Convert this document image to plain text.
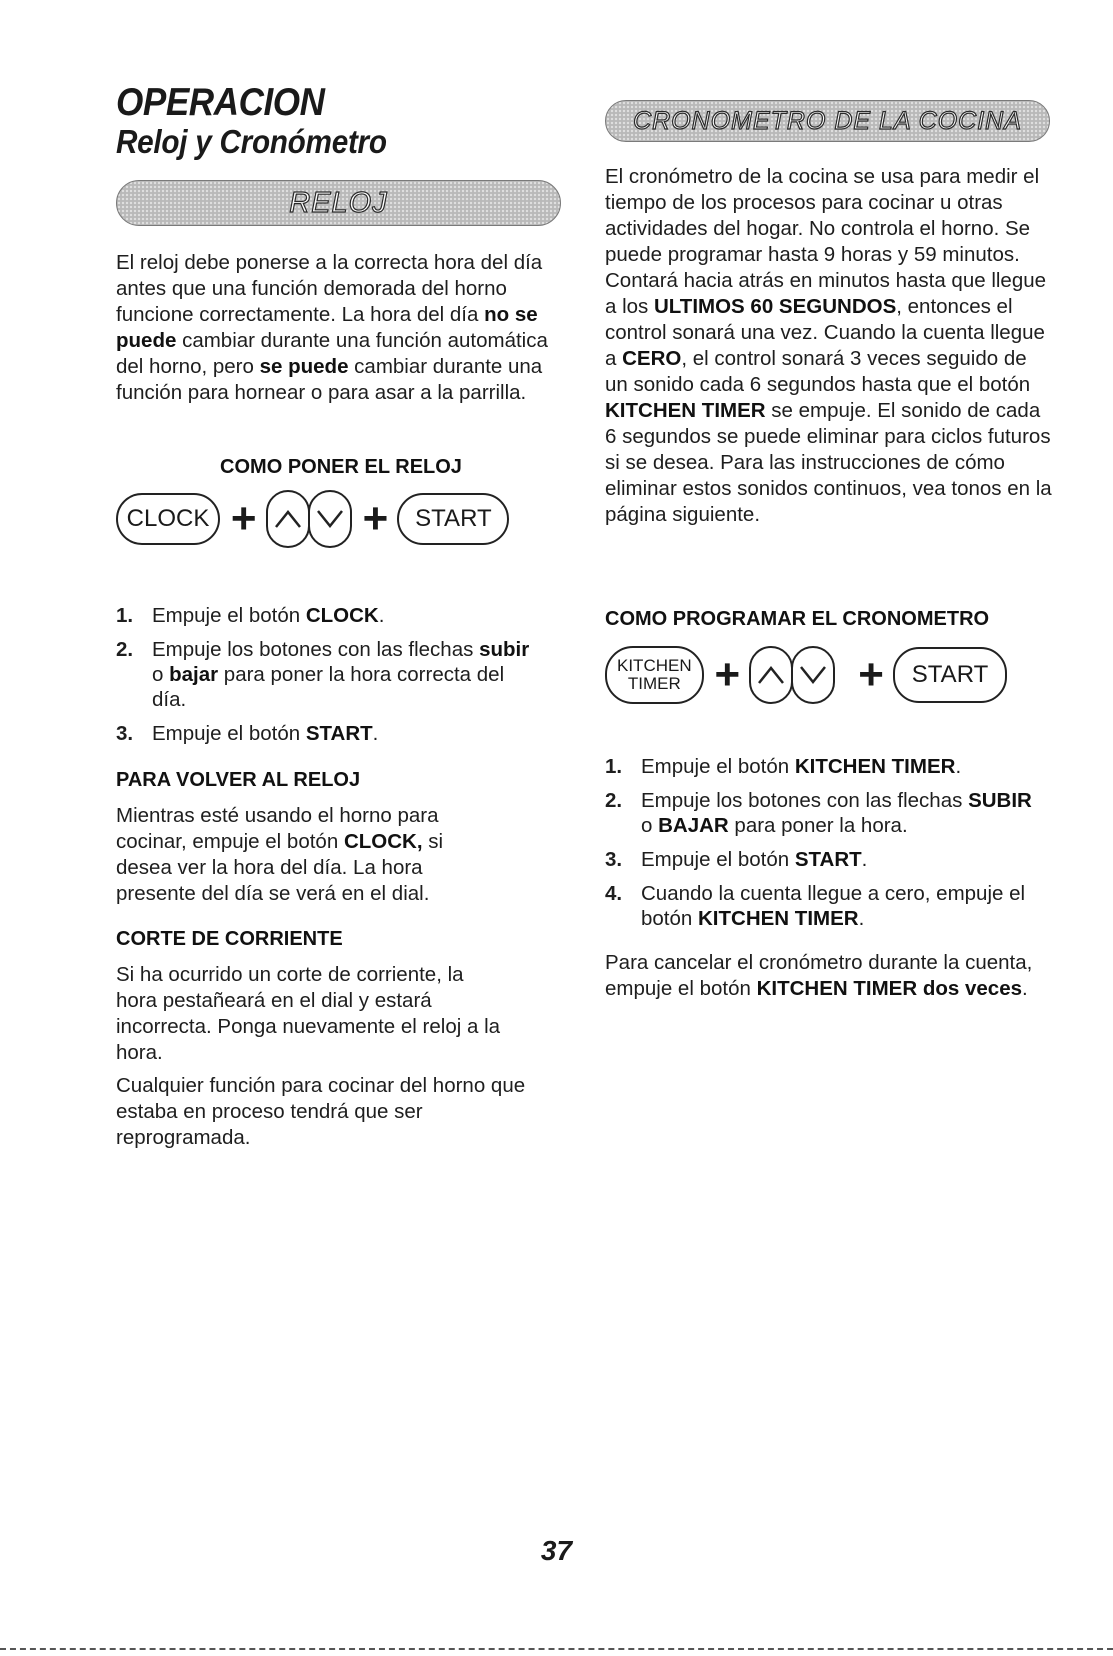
OPERACION
Reloj y Cronómetro
RELOJ

El reloj debe ponerse a la correcta hora del día antes que una función demorada del horno funcione correctamente. La hora del día no se puede cambiar durante una función automática del horno, pero se puede cambiar durante una función para hornear o para asar a la parrilla.

COMO PONER EL RELOJ

CLOCK + + START
1. Empuje el botón CLOCK.
2. Empuje los botones con las flechas subir o bajar para poner la hora correcta del día.
3. Empuje el botón START.

PARA VOLVER AL RELOJ

Mientras esté usando el horno para cocinar, empuje el botón CLOCK, si desea ver la hora del día. La hora presente del día se verá en el dial.

CORTE DE CORRIENTE

Si ha ocurrido un corte de corriente, la hora pestañeará en el dial y estará incorrecta. Ponga nuevamente el reloj a la hora.

Cualquier función para cocinar del horno que estaba en proceso tendrá que ser reprogramada.

CRONOMETRO DE LA COCINA

El cronómetro de la cocina se usa para medir el tiempo de los procesos para cocinar u otras actividades del hogar. No controla el horno. Se puede programar hasta 9 horas y 59 minutos. Contará hacia atrás en minutos hasta que llegue a los ULTIMOS 60 SEGUNDOS, entonces el control sonará una vez. Cuando la cuenta llegue a CERO, el control sonará 3 veces seguido de un sonido cada 6 segundos hasta que el botón KITCHEN TIMER se empuje. El sonido de cada 6 segundos se puede eliminar para ciclos futuros si se desea. Para las instrucciones de cómo eliminar estos sonidos continuos, vea tonos en la página siguiente.

COMO PROGRAMAR EL CRONOMETRO

KITCHEN
TIMER +	+ START
1. Empuje el botón KITCHEN TIMER.
2. Empuje los botones con las flechas SUBIR o BAJAR para poner la hora.
3. Empuje el botón START.
4. Cuando la cuenta llegue a cero, empuje el botón KITCHEN TIMER.

Para cancelar el cronómetro durante la cuenta, empuje el botón KITCHEN TIMER dos veces.

37
